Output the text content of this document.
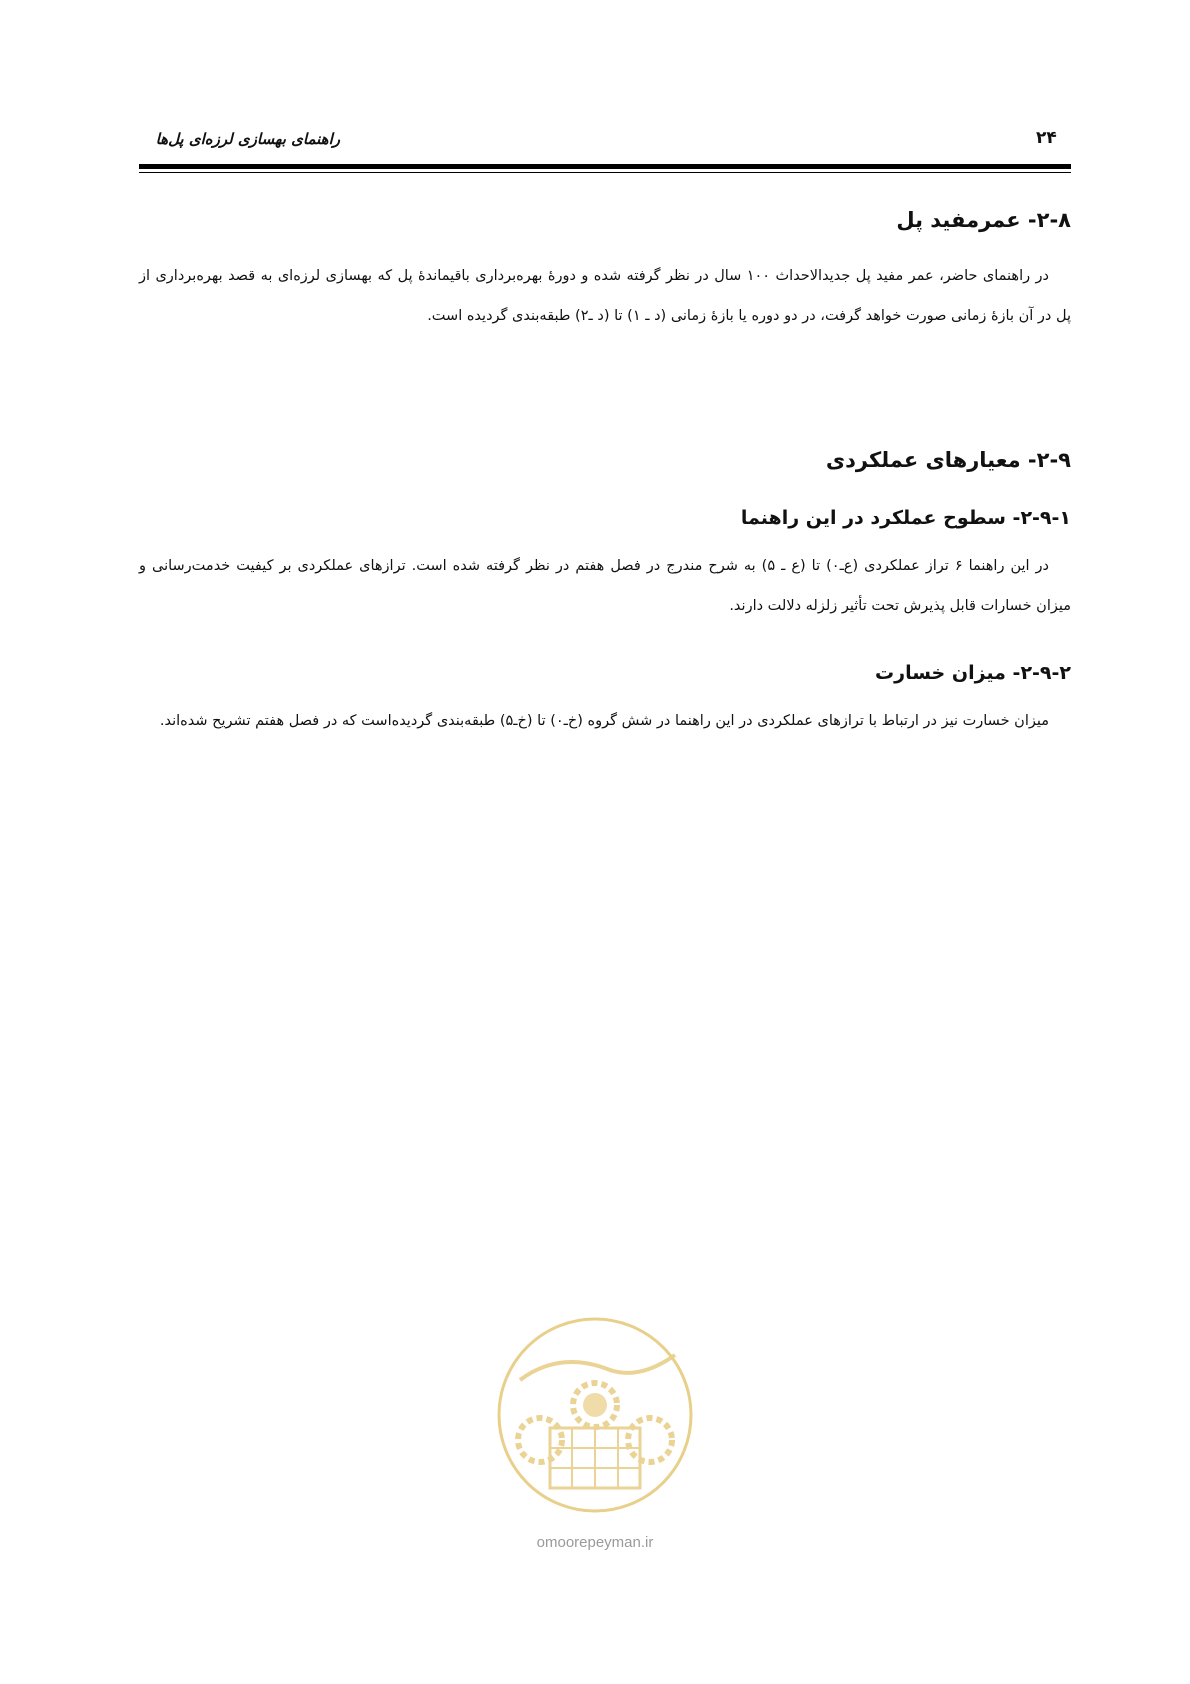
راهنمای بهسازی لرزه‌ای پل‌ها	۲۴
۲-۸- عمرمفید پل

در راهنمای حاضر، عمر مفید پل جدیدالاحداث ۱۰۰ سال در نظر گرفته شده و دورهٔ بهره‌برداری باقیماندهٔ پل که بهسازی لرزه‌ای به قصد بهره‌برداری از پل در آن بازهٔ زمانی صورت خواهد گرفت، در دو دوره یا بازهٔ زمانی (د ـ ۱) تا (د ـ۲) طبقه‌بندی گردیده است.

۲-۹- معیارهای عملکردی
۲-۹-۱- سطوح عملکرد در این راهنما

در این راهنما ۶ تراز عملکردی (ع‌ـ۰) تا (ع ـ ۵) به شرح مندرج در فصل هفتم در نظر گرفته شده است. ترازهای عملکردی بر کیفیت خدمت‌رسانی و میزان خسارات قابل پذیرش تحت تأثیر زلزله دلالت دارند.

۲-۹-۲- میزان خسارت

میزان خسارت نیز در ارتباط با ترازهای عملکردی در این راهنما در شش گروه (خ‌ـ۰) تا (خ‌ـ۵) طبقه‌بندی گردیده‌است که در فصل هفتم تشریح شده‌اند.

omoorepeyman.ir
